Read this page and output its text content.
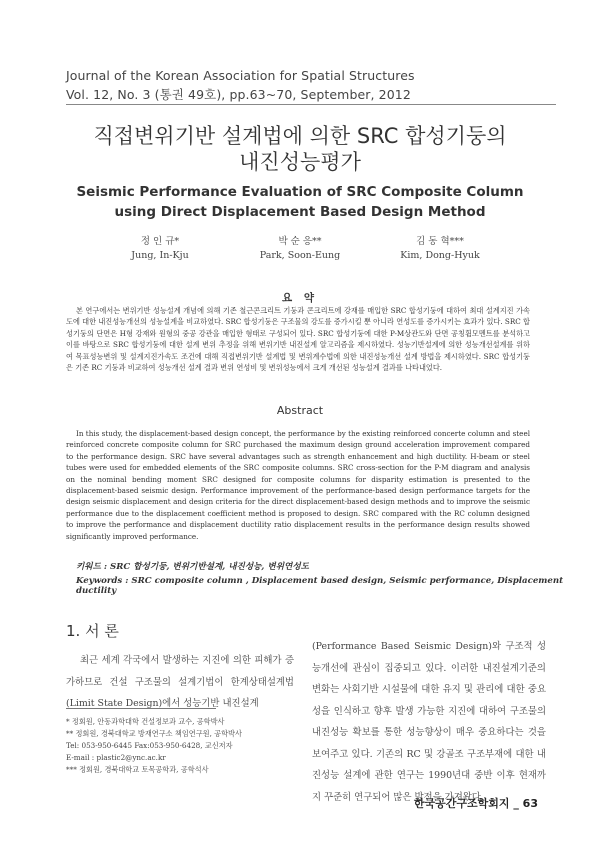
Journal of the Korean Association for Spatial Structures
Vol. 12, No. 3 (통권 49호), pp.63~70, September, 2012
직접변위기반 설계법에 의한 SRC 합성기둥의
내진성능평가
Seismic Performance Evaluation of SRC Composite Column
using Direct Displacement Based Design Method
정 인 규*
Jung, In-Kju
박 순 응**
Park, Soon-Eung
김 동 혁***
Kim, Dong-Hyuk
요 약
본 연구에서는 변위기반 성능설계 개념에 의해 기존 철근콘크리트 기둥과 콘크리트에 강재를 매입한 SRC 합성기둥에 대하여 최대 설계지진 가속도에 대한 내진성능개선의 성능설계을 비교하였다. SRC 합성기둥은 구조물의 강도를 증가시킬 뿐 아니라 연성도를 증가시키는 효과가 있다. SRC 합성기둥의 단면은 H형 강재와 원형의 중공 강관을 매입한 형태로 구성되어 있다. SRC 합성기둥에 대한 P-M상관도와 단면 공칭휨모멘트를 분석하고 이를 바탕으로 SRC 합성기둥에 대한 설계 변위 추정을 위해 변위기반 내진설계 알고리즘을 제시하였다. 성능기반설계에 의한 성능개선설계를 위하여 목표성능변위 및 설계지진가속도 조건에 대해 직접변위기반 설계법 및 변위계수법에 의한 내진성능개선 설계 방법을 제시하였다. SRC 합성기둥은 기존 RC 기둥과 비교하여 성능개선 설계 결과 변위 연성비 및 변위성능에서 크게 개선된 성능설계 결과를 나타내었다.
Abstract
In this study, the displacement-based design concept, the performance by the existing reinforced concerte column and steel reinforced concrete composite column for SRC purchased the maximum design ground acceleration improvement compared to the performance design. SRC have several advantages such as strength enhancement and high ductility. H-beam or steel tubes were used for embedded elements of the SRC composite columns. SRC cross-section for the P-M diagram and analysis on the nominal bending moment SRC designed for composite columns for disparity estimation is presented to the displacement-based seismic design. Performance improvement of the performance-based design performance targets for the design seismic displacement and design criteria for the direct displacement-based design methods and to improve the seismic performance due to the displacement coefficient method is proposed to design. SRC compared with the RC column designed to improve the performance and displacement ductility ratio displacement results in the performance design results showed significantly improved performance.
키워드 : SRC 합성기둥, 변위기반설계, 내진성능, 변위연성도
Keywords : SRC composite column , Displacement based design, Seismic performance, Displacement ductility
1. 서 론
최근 세계 각국에서 발생하는 지진에 의한 피해가 증가하므로 건설 구조물의 설계기법이 한계상태설계법(Limit State Design)에서 성능기반 내진설계
(Performance Based Seismic Design)와 구조적 성능개선에 관심이 집중되고 있다. 이러한 내진설계기준의 변화는 사회기반 시설물에 대한 유지 및 관리에 대한 중요성을 인식하고 향후 발생 가능한 지진에 대하여 구조물의 내진성능 확보를 통한 성능향상이 매우 중요하다는 것을 보여주고 있다. 기존의 RC 및 강골조 구조부재에 대한 내진성능 설계에 관한 연구는 1990년대 중반 이후 현재까지 꾸준히 연구되어 많은 발전을 가져왔다.
* 정회원, 안동과학대학 건설정보과 교수, 공학박사
** 정회원, 경북대학교 방재연구소 책임연구원, 공학박사
Tel: 053-950-6445 Fax:053-950-6428, 교신저자
E-mail : plastic2@ync.ac.kr
*** 정회원, 경북대학교 토목공학과, 공학석사
한국공간구조학회지 _ 63
